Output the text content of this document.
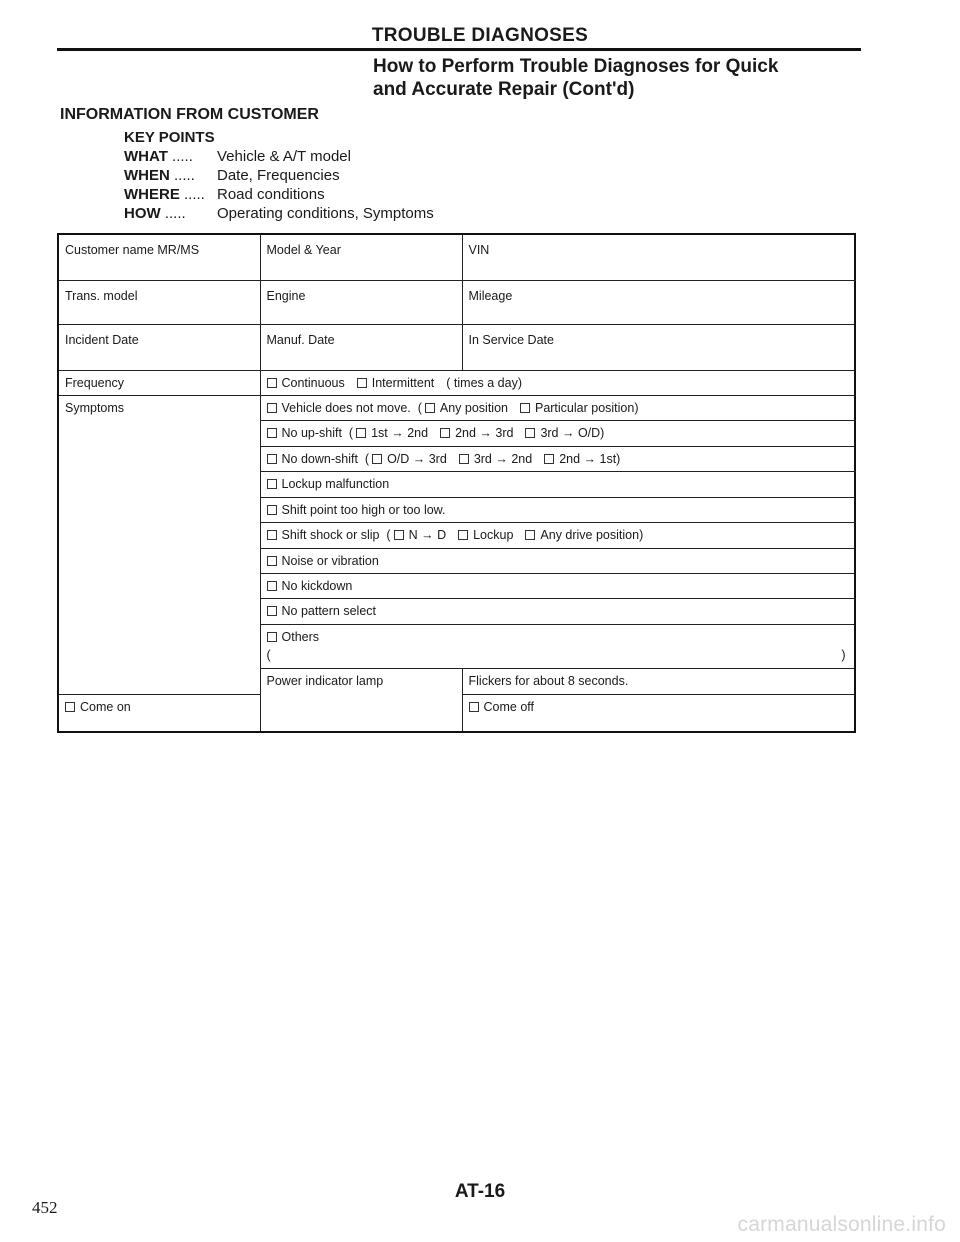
TROUBLE DIAGNOSES
How to Perform Trouble Diagnoses for Quick
and Accurate Repair (Cont'd)
INFORMATION FROM CUSTOMER
KEY POINTS
WHAT ..... Vehicle & A/T model
WHEN ..... Date, Frequencies
WHERE ..... Road conditions
HOW ..... Operating conditions, Symptoms
Customer name MR/MS	Model & Year	VIN
Trans. model	Engine	Mileage
Incident Date	Manuf. Date	In Service Date
Frequency	Continuous Intermittent ( times a day)	
Symptoms	Vehicle does not move. ( Any position Particular position)	
	No up-shift ( 1st → 2nd 2nd → 3rd 3rd → O/D)	
	No down-shift ( O/D → 3rd 3rd → 2nd 2nd → 1st)	
	Lockup malfunction	
	Shift point too high or too low.	
	Shift shock or slip ( N → D Lockup Any drive position)	
	Noise or vibration	
	No kickdown	
	No pattern select	
	Others
( )	

	Power indicator lamp	Flickers for about 8 seconds.
Come on		Come off
AT-16
452
carmanualsonline.info
